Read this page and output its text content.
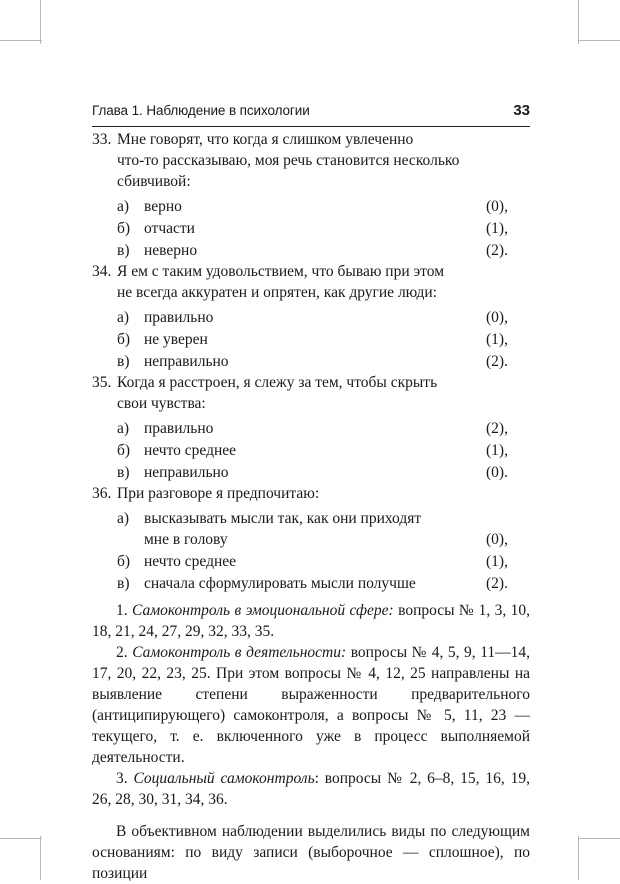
Глава 1. Наблюдение в психологии	33
33. Мне говорят, что когда я слишком увлеченно
что-то рассказываю, моя речь становится несколько
сбивчивой:
а) верно	(0),
б) отчасти	(1),
в) неверно	(2).
34. Я ем с таким удовольствием, что бываю при этом
не всегда аккуратен и опрятен, как другие люди:
а) правильно	(0),
б) не уверен	(1),
в) неправильно	(2).
35. Когда я расстроен, я слежу за тем, чтобы скрыть
свои чувства:
а) правильно	(2),
б) нечто среднее	(1),
в) неправильно	(0).
36. При разговоре я предпочитаю:
а) высказывать мысли так, как они приходят
мне в голову	(0),
б) нечто среднее	(1),
в) сначала сформулировать мысли получше	(2).

1. Самоконтроль в эмоциональной сфере: вопросы № 1, 3, 10, 18, 21, 24, 27, 29, 32, 33, 35.

2. Самоконтроль в деятельности: вопросы № 4, 5, 9, 11—14, 17, 20, 22, 23, 25. При этом вопросы № 4, 12, 25 направлены на выявление степени выраженности предварительного (антиципирующего) самоконтроля, а вопросы № 5, 11, 23 — текущего, т. е. включенного уже в процесс выполняемой деятельности.

3. Социальный самоконтроль: вопросы № 2, 6–8, 15, 16, 19, 26, 28, 30, 31, 34, 36.

В объективном наблюдении выделились виды по следующим основаниям: по виду записи (выборочное — сплошное), по позиции
